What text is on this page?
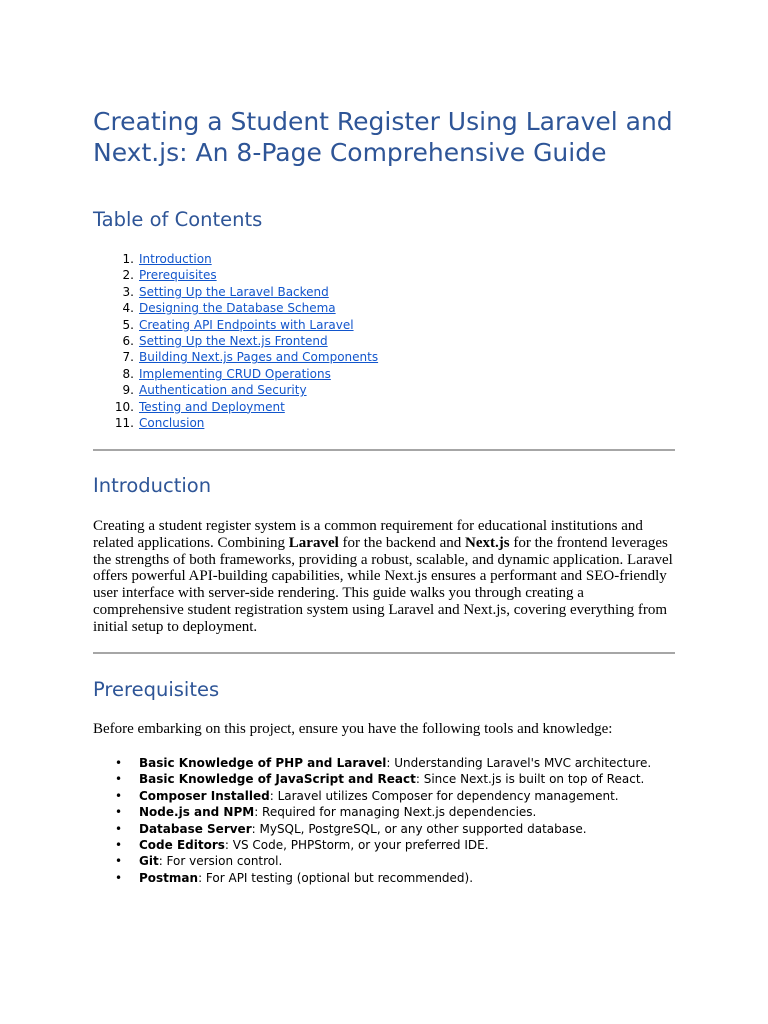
Creating a Student Register Using Laravel and Next.js: An 8-Page Comprehensive Guide
Table of Contents
1. Introduction
2. Prerequisites
3. Setting Up the Laravel Backend
4. Designing the Database Schema
5. Creating API Endpoints with Laravel
6. Setting Up the Next.js Frontend
7. Building Next.js Pages and Components
8. Implementing CRUD Operations
9. Authentication and Security
10. Testing and Deployment
11. Conclusion
Introduction

Creating a student register system is a common requirement for educational institutions and related applications. Combining Laravel for the backend and Next.js for the frontend leverages the strengths of both frameworks, providing a robust, scalable, and dynamic application. Laravel offers powerful API-building capabilities, while Next.js ensures a performant and SEO-friendly user interface with server-side rendering. This guide walks you through creating a comprehensive student registration system using Laravel and Next.js, covering everything from initial setup to deployment.

Prerequisites

Before embarking on this project, ensure you have the following tools and knowledge:

• Basic Knowledge of PHP and Laravel: Understanding Laravel's MVC architecture.
• Basic Knowledge of JavaScript and React: Since Next.js is built on top of React.
• Composer Installed: Laravel utilizes Composer for dependency management.
• Node.js and NPM: Required for managing Next.js dependencies.
• Database Server: MySQL, PostgreSQL, or any other supported database.
• Code Editors: VS Code, PHPStorm, or your preferred IDE.
• Git: For version control.
• Postman: For API testing (optional but recommended).
